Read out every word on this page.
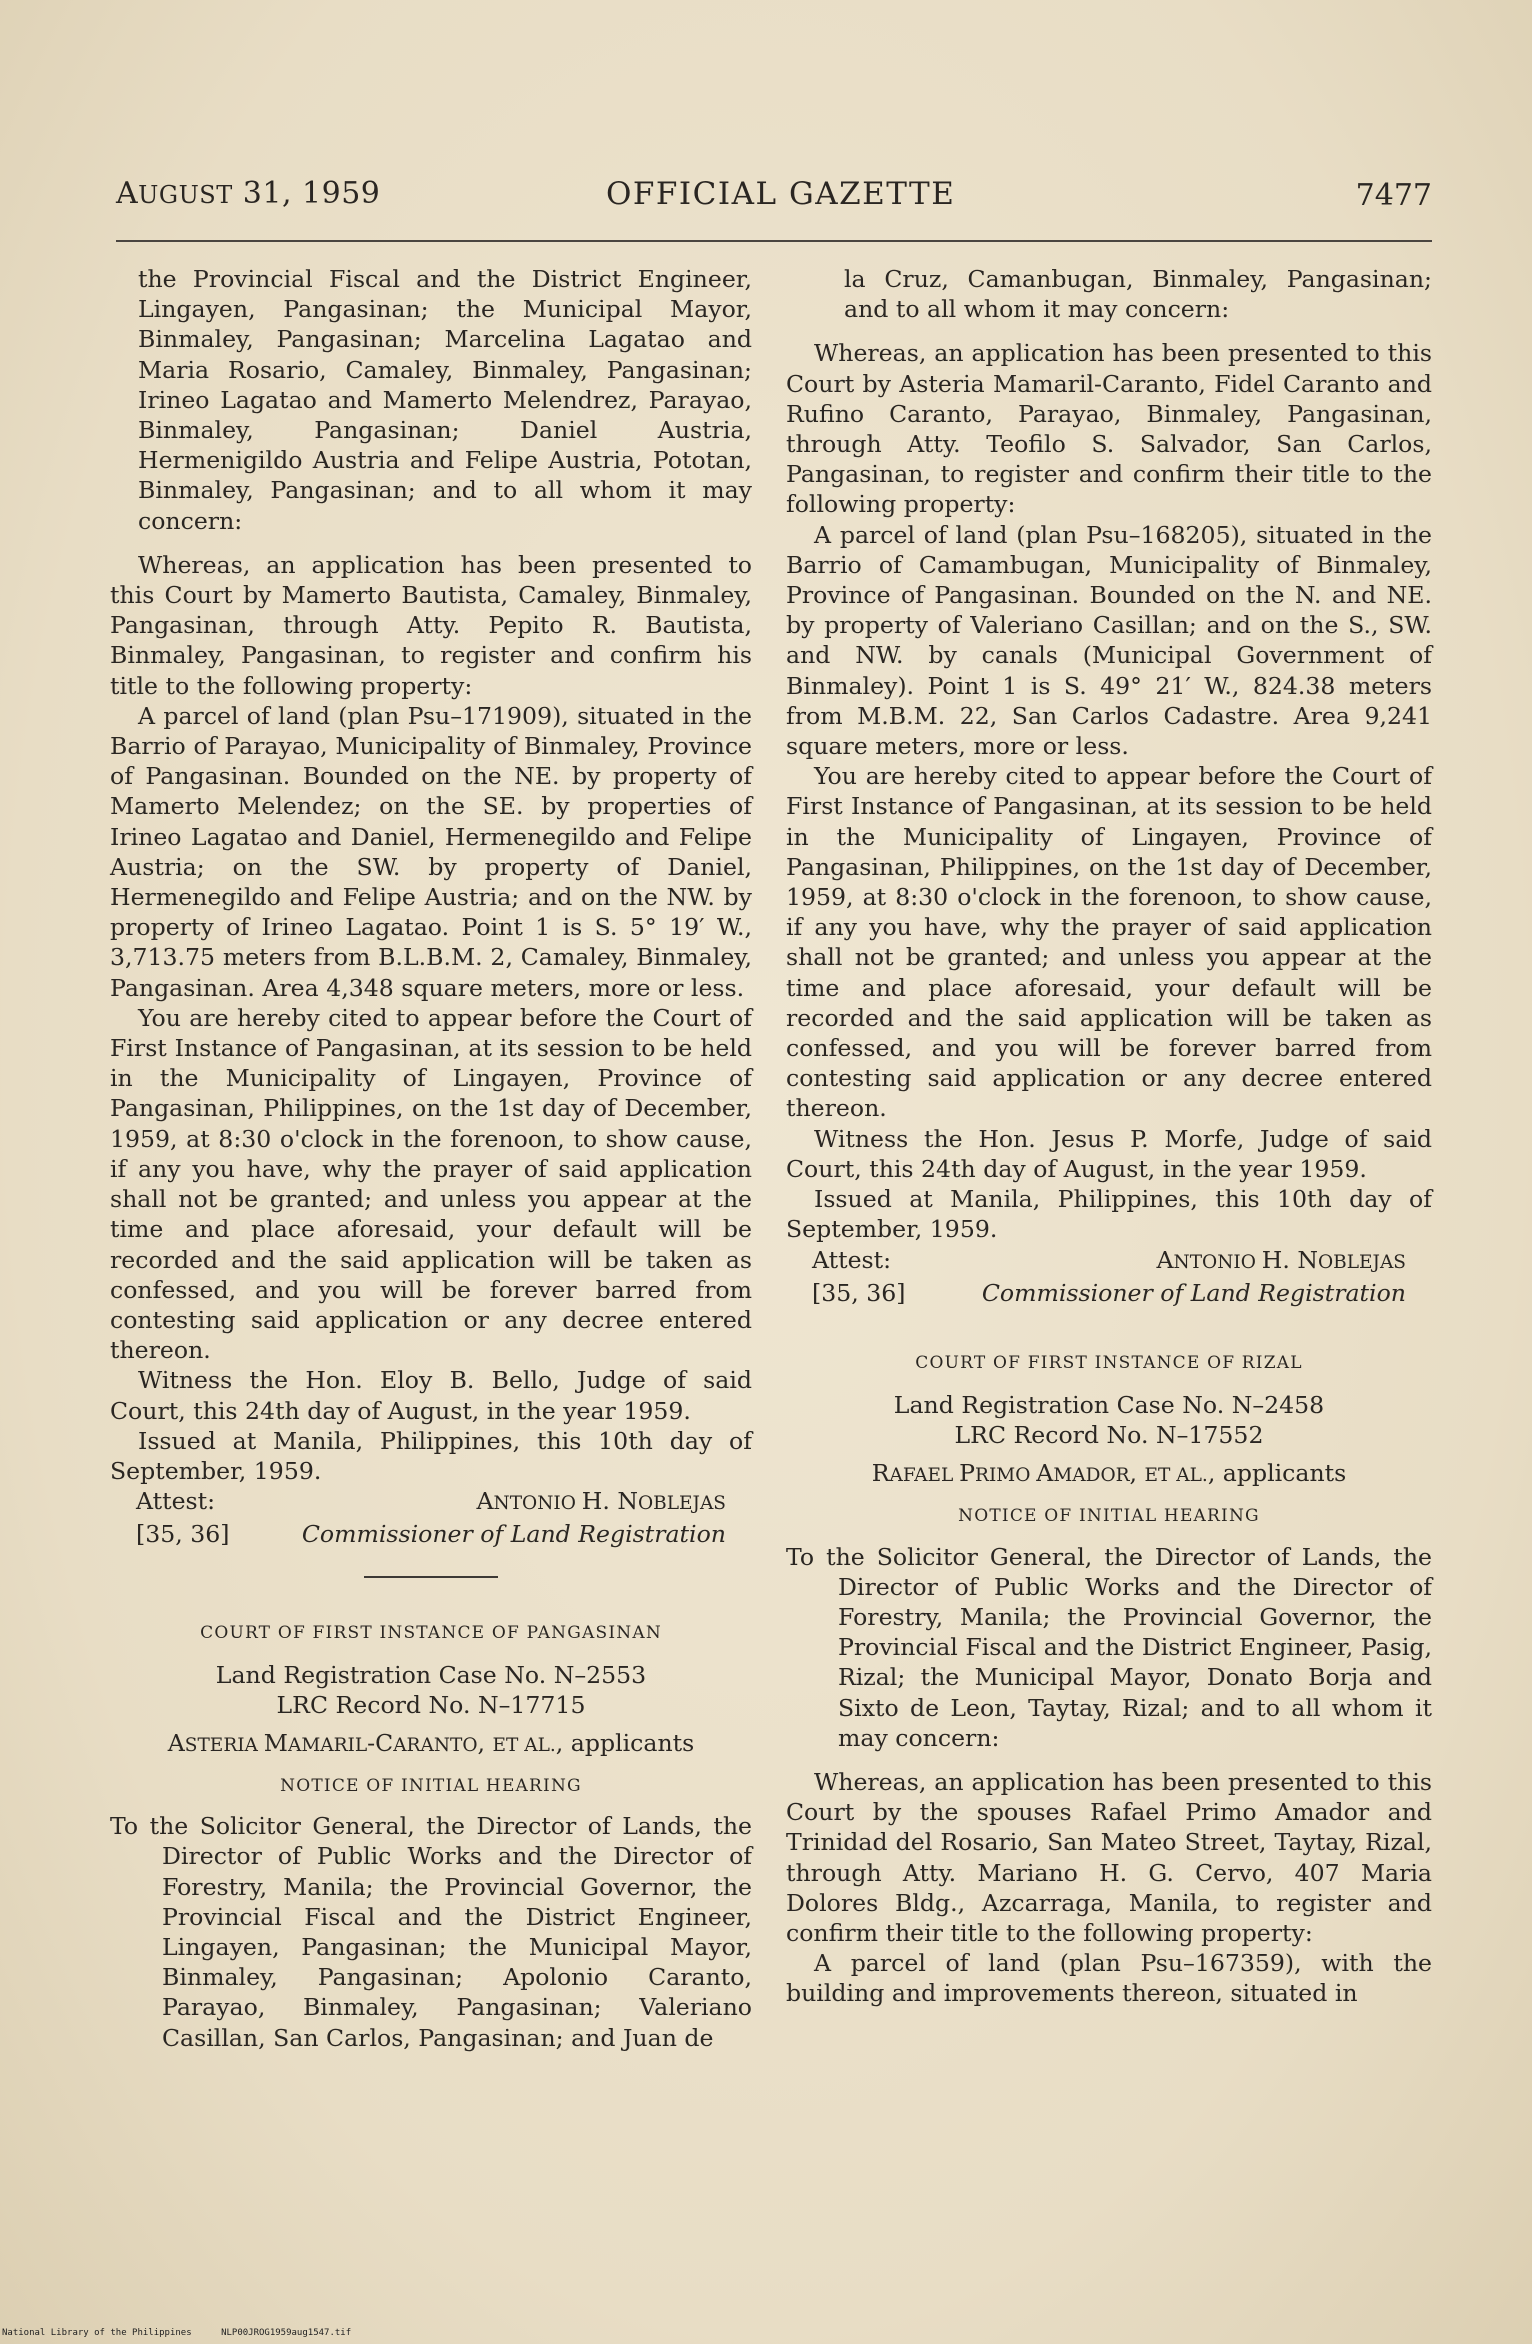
AUGUST 31, 1959	OFFICIAL GAZETTE	7477

the Provincial Fiscal and the District Engineer, Lingayen, Pangasinan; the Municipal Mayor, Binmaley, Pangasinan; Marcelina Lagatao and Maria Rosario, Camaley, Binmaley, Pangasinan; Irineo Lagatao and Mamerto Melendrez, Parayao, Binmaley, Pangasinan; Daniel Austria, Hermenigildo Austria and Felipe Austria, Pototan, Binmaley, Pangasinan; and to all whom it may concern:

Whereas, an application has been presented to this Court by Mamerto Bautista, Camaley, Binmaley, Pangasinan, through Atty. Pepito R. Bautista, Binmaley, Pangasinan, to register and confirm his title to the following property:

A parcel of land (plan Psu–171909), situated in the Barrio of Parayao, Municipality of Binmaley, Province of Pangasinan. Bounded on the NE. by property of Mamerto Melendez; on the SE. by properties of Irineo Lagatao and Daniel, Hermenegildo and Felipe Austria; on the SW. by property of Daniel, Hermenegildo and Felipe Austria; and on the NW. by property of Irineo Lagatao. Point 1 is S. 5° 19′ W., 3,713.75 meters from B.L.B.M. 2, Camaley, Binmaley, Pangasinan. Area 4,348 square meters, more or less.

You are hereby cited to appear before the Court of First Instance of Pangasinan, at its session to be held in the Municipality of Lingayen, Province of Pangasinan, Philippines, on the 1st day of December, 1959, at 8:30 o'clock in the forenoon, to show cause, if any you have, why the prayer of said application shall not be granted; and unless you appear at the time and place aforesaid, your default will be recorded and the said application will be taken as confessed, and you will be forever barred from contesting said application or any decree entered thereon.

Witness the Hon. Eloy B. Bello, Judge of said Court, this 24th day of August, in the year 1959.

Issued at Manila, Philippines, this 10th day of September, 1959.

Attest:	ANTONIO H. NOBLEJAS
[35, 36]	Commissioner of Land Registration

COURT OF FIRST INSTANCE OF PANGASINAN

Land Registration Case No. N–2553

LRC Record No. N–17715

ASTERIA MAMARIL-CARANTO, ET AL., applicants

NOTICE OF INITIAL HEARING

To the Solicitor General, the Director of Lands, the Director of Public Works and the Director of Forestry, Manila; the Provincial Governor, the Provincial Fiscal and the District Engineer, Lingayen, Pangasinan; the Municipal Mayor, Binmaley, Pangasinan; Apolonio Caranto, Parayao, Binmaley, Pangasinan; Valeriano Casillan, San Carlos, Pangasinan; and Juan de

la Cruz, Camanbugan, Binmaley, Pangasinan; and to all whom it may concern:

Whereas, an application has been presented to this Court by Asteria Mamaril-Caranto, Fidel Caranto and Rufino Caranto, Parayao, Binmaley, Pangasinan, through Atty. Teofilo S. Salvador, San Carlos, Pangasinan, to register and confirm their title to the following property:

A parcel of land (plan Psu–168205), situated in the Barrio of Camambugan, Municipality of Binmaley, Province of Pangasinan. Bounded on the N. and NE. by property of Valeriano Casillan; and on the S., SW. and NW. by canals (Municipal Government of Binmaley). Point 1 is S. 49° 21′ W., 824.38 meters from M.B.M. 22, San Carlos Cadastre. Area 9,241 square meters, more or less.

You are hereby cited to appear before the Court of First Instance of Pangasinan, at its session to be held in the Municipality of Lingayen, Province of Pangasinan, Philippines, on the 1st day of December, 1959, at 8:30 o'clock in the forenoon, to show cause, if any you have, why the prayer of said application shall not be granted; and unless you appear at the time and place aforesaid, your default will be recorded and the said application will be taken as confessed, and you will be forever barred from contesting said application or any decree entered thereon.

Witness the Hon. Jesus P. Morfe, Judge of said Court, this 24th day of August, in the year 1959.

Issued at Manila, Philippines, this 10th day of September, 1959.

Attest:	ANTONIO H. NOBLEJAS
[35, 36]	Commissioner of Land Registration

COURT OF FIRST INSTANCE OF RIZAL

Land Registration Case No. N–2458

LRC Record No. N–17552

RAFAEL PRIMO AMADOR, ET AL., applicants

NOTICE OF INITIAL HEARING

To the Solicitor General, the Director of Lands, the Director of Public Works and the Director of Forestry, Manila; the Provincial Governor, the Provincial Fiscal and the District Engineer, Pasig, Rizal; the Municipal Mayor, Donato Borja and Sixto de Leon, Taytay, Rizal; and to all whom it may concern:

Whereas, an application has been presented to this Court by the spouses Rafael Primo Amador and Trinidad del Rosario, San Mateo Street, Taytay, Rizal, through Atty. Mariano H. G. Cervo, 407 Maria Dolores Bldg., Azcarraga, Manila, to register and confirm their title to the following property:

A parcel of land (plan Psu–167359), with the building and improvements thereon, situated in

National Library of the Philippines	NLP00JROG1959aug1547.tif
